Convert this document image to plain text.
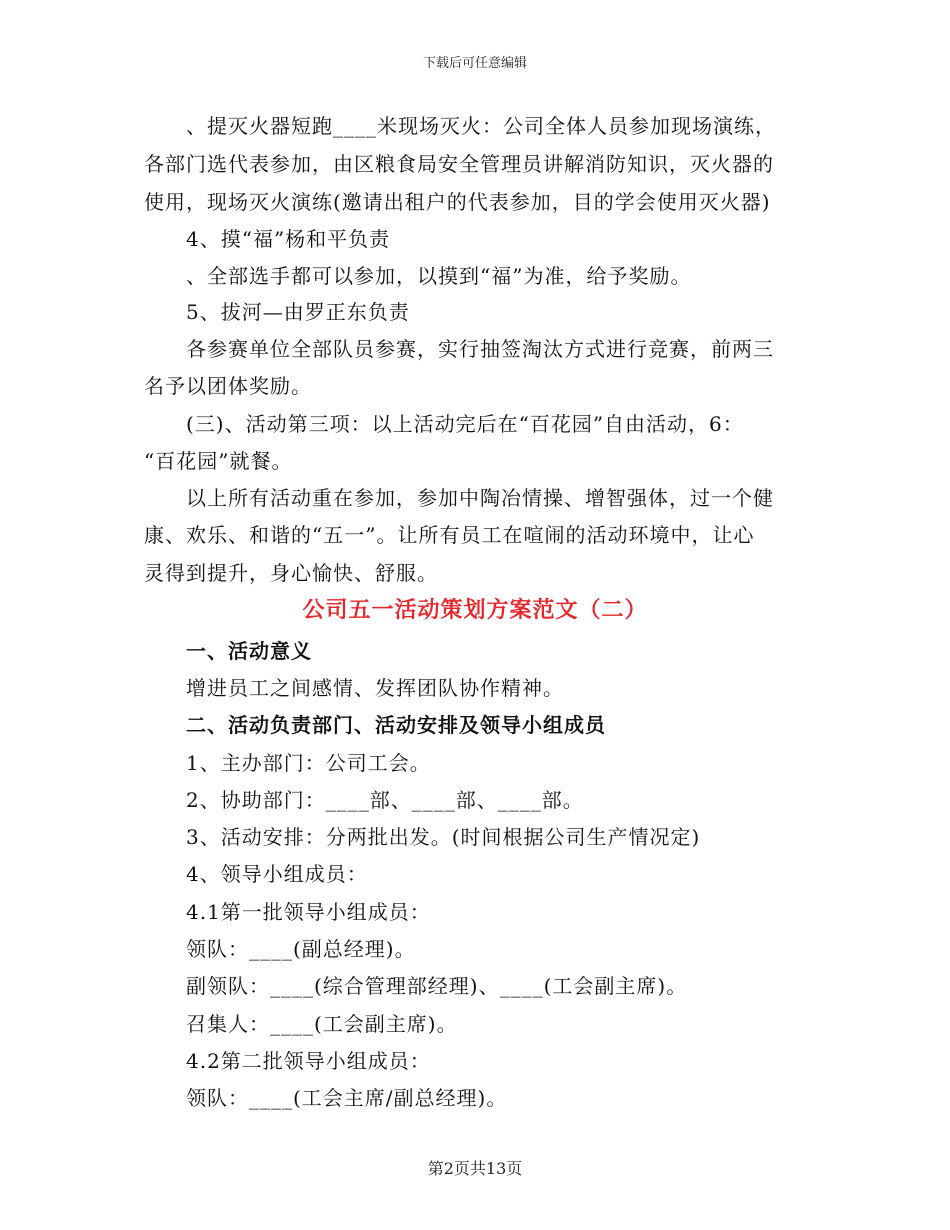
下载后可任意编辑
、提灭火器短跑____米现场灭火：公司全体人员参加现场演练，
各部门选代表参加，由区粮食局安全管理员讲解消防知识，灭火器的
使用，现场灭火演练(邀请出租户的代表参加，目的学会使用灭火器)
4、摸“福”杨和平负责
、全部选手都可以参加，以摸到“福”为准，给予奖励。
5、拔河—由罗正东负责
各参赛单位全部队员参赛，实行抽签淘汰方式进行竞赛，前两三
名予以团体奖励。
(三)、活动第三项：以上活动完后在“百花园”自由活动，6：
“百花园”就餐。
以上所有活动重在参加，参加中陶冶情操、增智强体，过一个健
康、欢乐、和谐的“五一”。让所有员工在喧闹的活动环境中，让心
灵得到提升，身心愉快、舒服。
公司五一活动策划方案范文（二）
一、活动意义
增进员工之间感情、发挥团队协作精神。
二、活动负责部门、活动安排及领导小组成员
1、主办部门：公司工会。
2、协助部门：____部、____部、____部。
3、活动安排：分两批出发。(时间根据公司生产情况定)
4、领导小组成员：
4.1第一批领导小组成员：
领队：____(副总经理)。
副领队：____(综合管理部经理)、____(工会副主席)。
召集人：____(工会副主席)。
4.2第二批领导小组成员：
领队：____(工会主席/副总经理)。
第2页共13页
